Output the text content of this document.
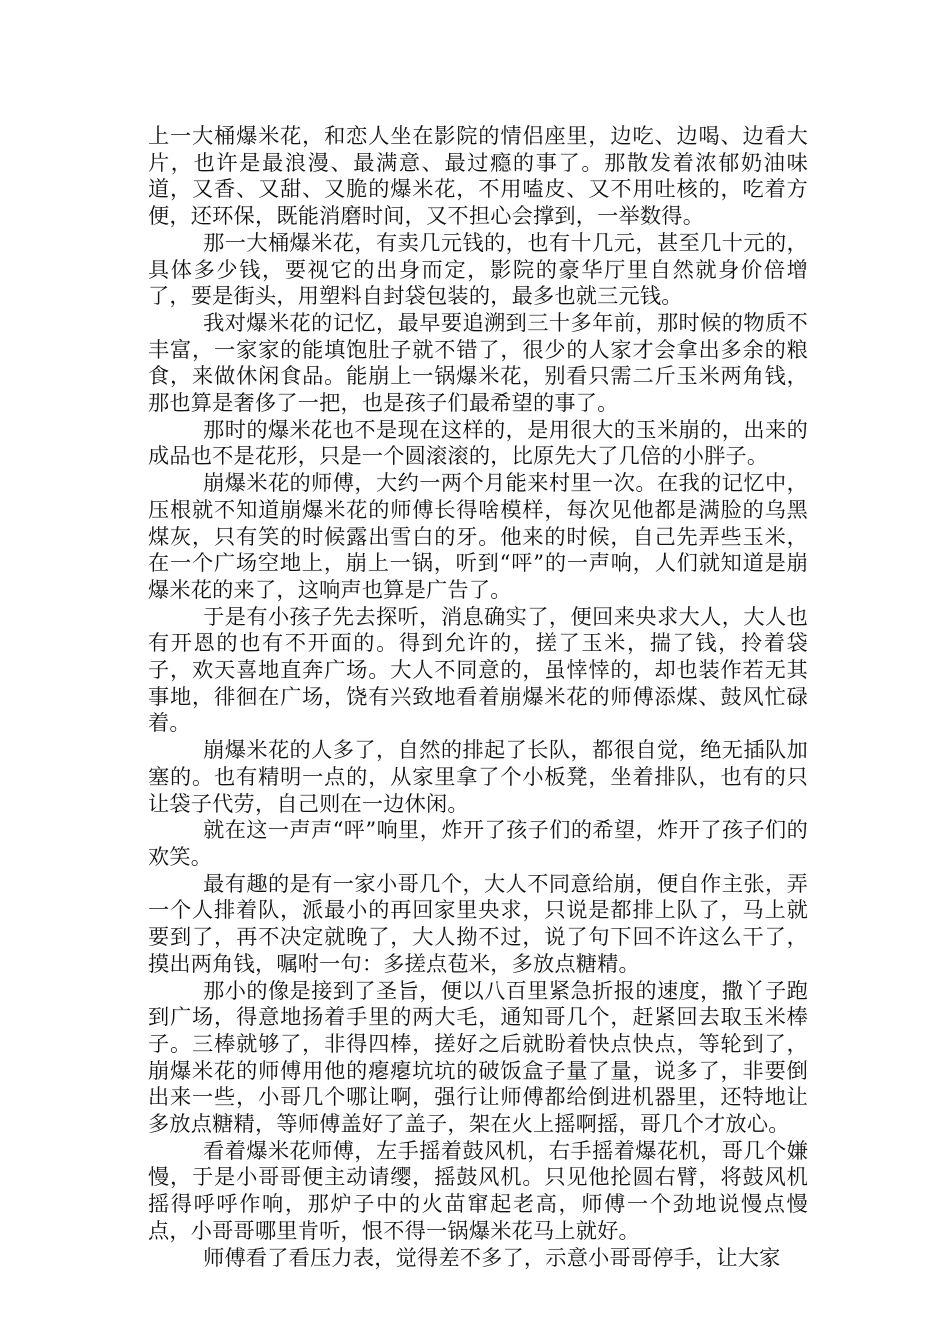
上一大桶爆米花，和恋人坐在影院的情侣座里，边吃、边喝、边看大片，也许是最浪漫、最满意、最过瘾的事了。那散发着浓郁奶油味道，又香、又甜、又脆的爆米花，不用嗑皮、又不用吐核的，吃着方便，还环保，既能消磨时间，又不担心会撑到，一举数得。

那一大桶爆米花，有卖几元钱的，也有十几元，甚至几十元的，具体多少钱，要视它的出身而定，影院的豪华厅里自然就身价倍增了，要是街头，用塑料自封袋包装的，最多也就三元钱。

我对爆米花的记忆，最早要追溯到三十多年前，那时候的物质不丰富，一家家的能填饱肚子就不错了，很少的人家才会拿出多余的粮食，来做休闲食品。能崩上一锅爆米花，别看只需二斤玉米两角钱，那也算是奢侈了一把，也是孩子们最希望的事了。

那时的爆米花也不是现在这样的，是用很大的玉米崩的，出来的成品也不是花形，只是一个圆滚滚的，比原先大了几倍的小胖子。

崩爆米花的师傅，大约一两个月能来村里一次。在我的记忆中，压根就不知道崩爆米花的师傅长得啥模样，每次见他都是满脸的乌黑煤灰，只有笑的时候露出雪白的牙。他来的时候，自己先弄些玉米，在一个广场空地上，崩上一锅，听到“呯”的一声响，人们就知道是崩爆米花的来了，这响声也算是广告了。

于是有小孩子先去探听，消息确实了，便回来央求大人，大人也有开恩的也有不开面的。得到允许的，搓了玉米，揣了钱，拎着袋子，欢天喜地直奔广场。大人不同意的，虽悻悻的，却也装作若无其事地，徘徊在广场，饶有兴致地看着崩爆米花的师傅添煤、鼓风忙碌着。

崩爆米花的人多了，自然的排起了长队，都很自觉，绝无插队加塞的。也有精明一点的，从家里拿了个小板凳，坐着排队，也有的只让袋子代劳，自己则在一边休闲。

就在这一声声“呯”响里，炸开了孩子们的希望，炸开了孩子们的欢笑。

最有趣的是有一家小哥几个，大人不同意给崩，便自作主张，弄一个人排着队，派最小的再回家里央求，只说是都排上队了，马上就要到了，再不决定就晚了，大人拗不过，说了句下回不许这么干了，摸出两角钱，嘱咐一句：多搓点苞米，多放点糖精。

那小的像是接到了圣旨，便以八百里紧急折报的速度，撒丫子跑到广场，得意地扬着手里的两大毛，通知哥几个，赶紧回去取玉米棒子。三棒就够了，非得四棒，搓好之后就盼着快点快点，等轮到了，崩爆米花的师傅用他的瘪瘪坑坑的破饭盒子量了量，说多了，非要倒出来一些，小哥几个哪让啊，强行让师傅都给倒进机器里，还特地让多放点糖精，等师傅盖好了盖子，架在火上摇啊摇，哥几个才放心。

看着爆米花师傅，左手摇着鼓风机，右手摇着爆花机，哥几个嫌慢，于是小哥哥便主动请缨，摇鼓风机。只见他抡圆右臂，将鼓风机摇得呼呼作响，那炉子中的火苗窜起老高，师傅一个劲地说慢点慢点，小哥哥哪里肯听，恨不得一锅爆米花马上就好。

师傅看了看压力表，觉得差不多了，示意小哥哥停手，让大家
